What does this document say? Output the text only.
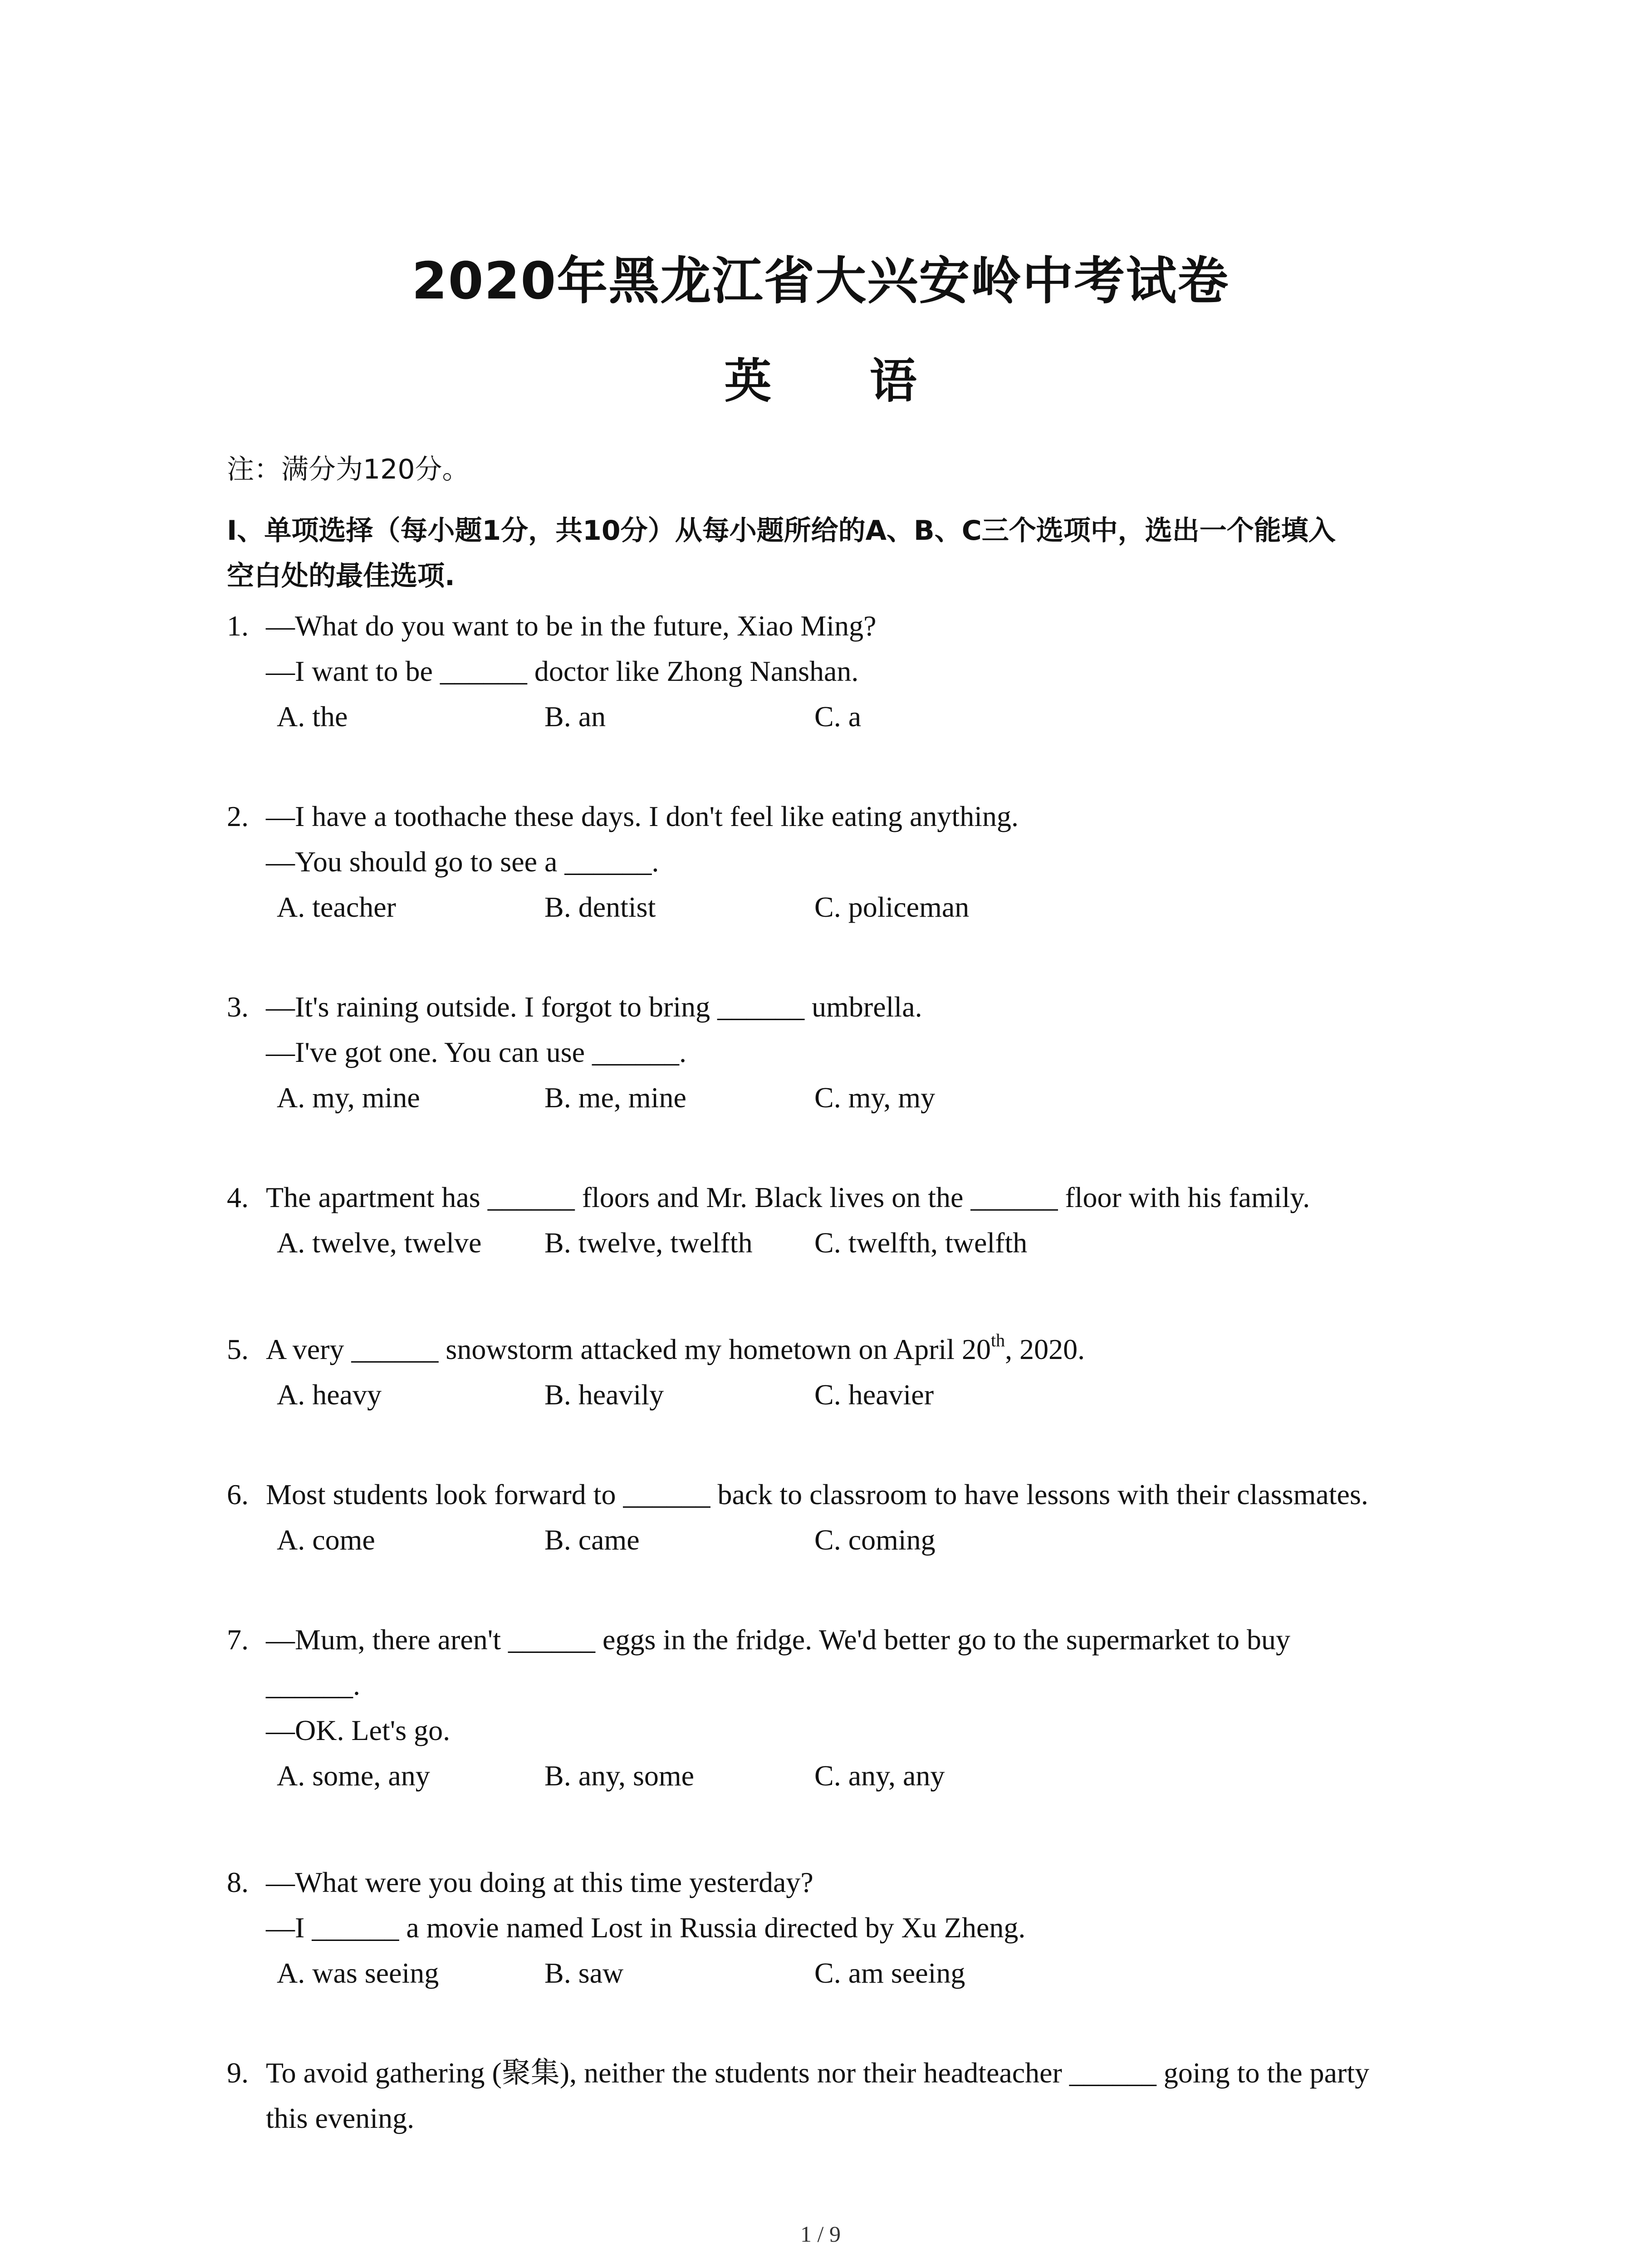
2020年黑龙江省大兴安岭中考试卷
英 语
注：满分为120分。
Ⅰ、单项选择（每小题1分，共10分）从每小题所给的A、B、C三个选项中，选出一个能填入
空白处的最佳选项.
1. —What do you want to be in the future, Xiao Ming?
—I want to be ______ doctor like Zhong Nanshan.
A. the	B. an	C. a
2. —I have a toothache these days. I don't feel like eating anything.
—You should go to see a ______.
A. teacher	B. dentist	C. policeman
3. —It's raining outside. I forgot to bring ______ umbrella.
—I've got one. You can use ______.
A. my, mine	B. me, mine	C. my, my
4. The apartment has ______ floors and Mr. Black lives on the ______ floor with his family.
A. twelve, twelve B. twelve, twelfth C. twelfth, twelfth
5. A very ______ snowstorm attacked my hometown on April 20th, 2020.
A. heavy	B. heavily	C. heavier
6. Most students look forward to ______ back to classroom to have lessons with their classmates.
A. come	B. came	C. coming
7. —Mum, there aren't ______ eggs in the fridge. We'd better go to the supermarket to buy
______.
—OK. Let's go.
A. some, any	B. any, some	C. any, any
8. —What were you doing at this time yesterday?
—I ______ a movie named Lost in Russia directed by Xu Zheng.
A. was seeing	B. saw	C. am seeing
9. To avoid gathering (聚集), neither the students nor their headteacher ______ going to the party
this evening.
1 / 9
